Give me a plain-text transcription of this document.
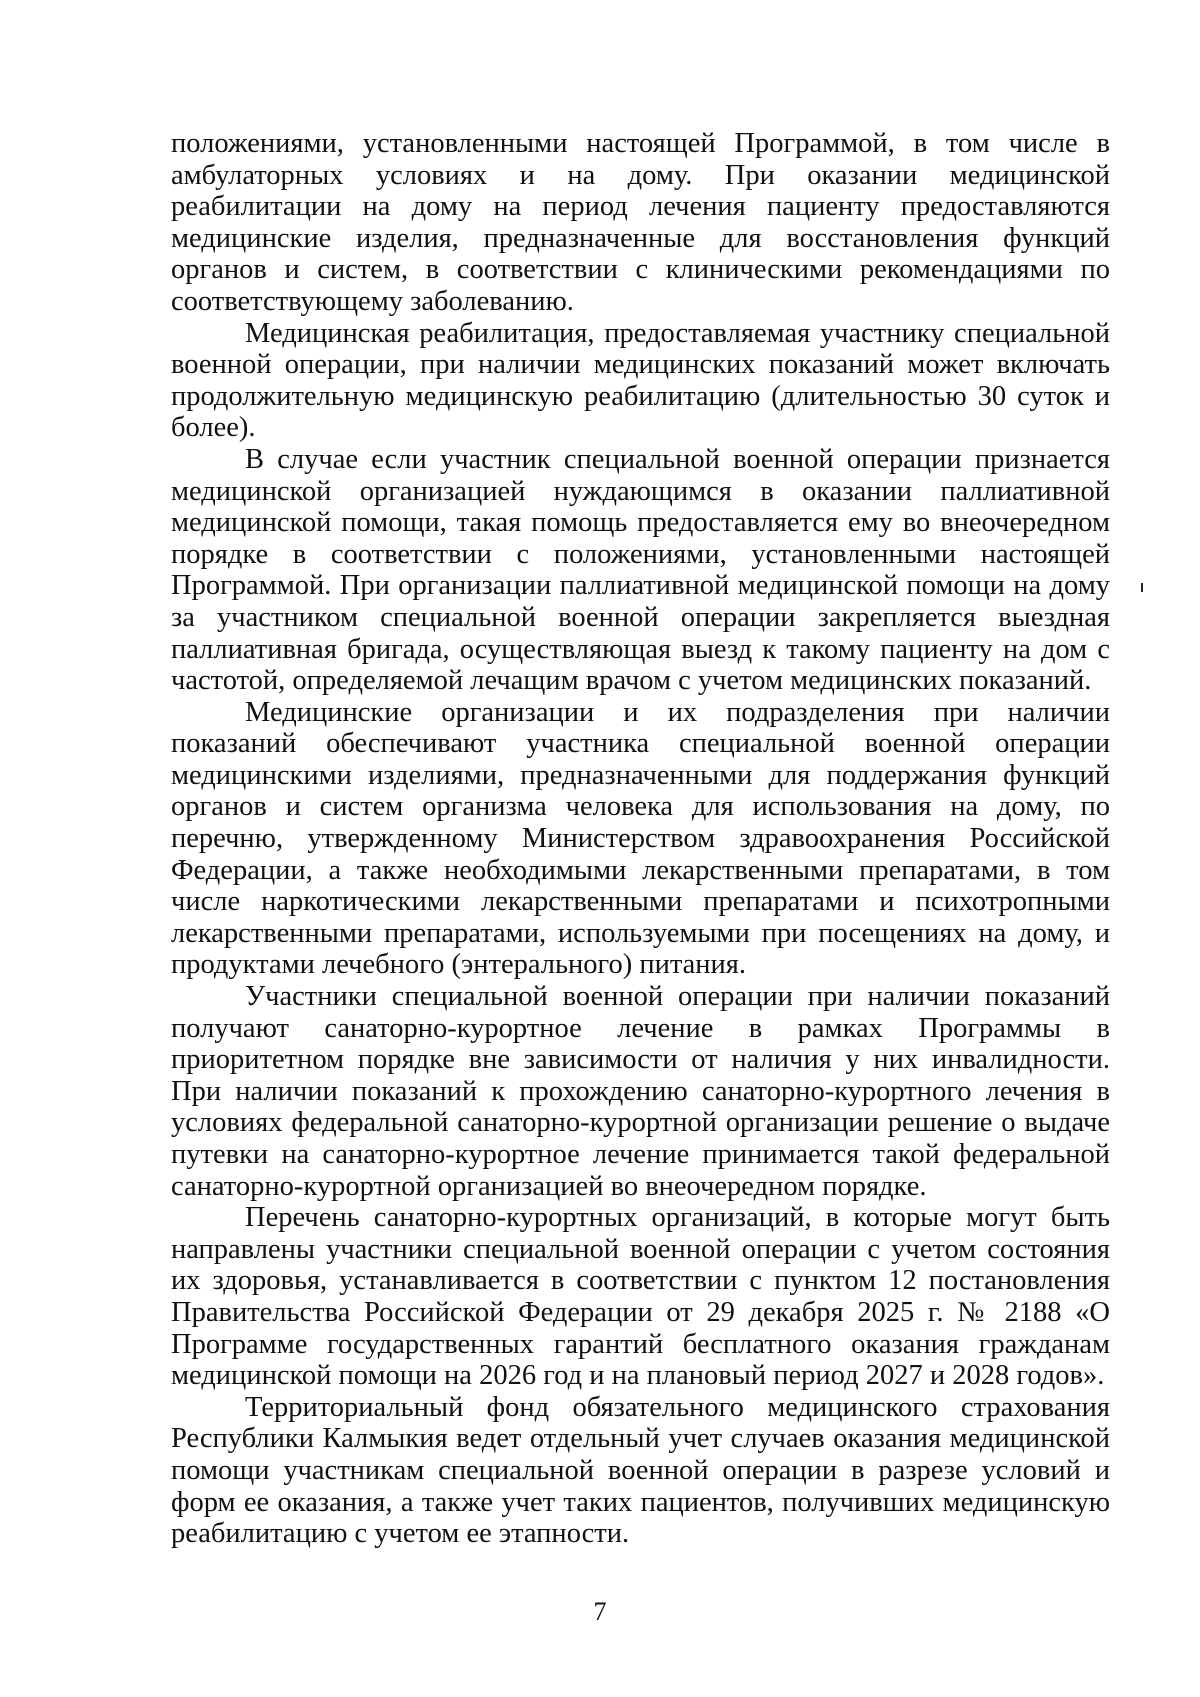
положениями, установленными настоящей Программой, в том числе в амбулаторных условиях и на дому. При оказании медицинской реабилитации на дому на период лечения пациенту предоставляются медицинские изделия, предназначенные для восстановления функций органов и систем, в соответствии с клиническими рекомендациями по соответствующему заболеванию.

Медицинская реабилитация, предоставляемая участнику специальной военной операции, при наличии медицинских показаний может включать продолжительную медицинскую реабилитацию (длительностью 30 суток и более).

В случае если участник специальной военной операции признается медицинской организацией нуждающимся в оказании паллиативной медицинской помощи, такая помощь предоставляется ему во внеочередном порядке в соответствии с положениями, установленными настоящей Программой. При организации паллиативной медицинской помощи на дому за участником специальной военной операции закрепляется выездная паллиативная бригада, осуществляющая выезд к такому пациенту на дом с частотой, определяемой лечащим врачом с учетом медицинских показаний.

Медицинские организации и их подразделения при наличии показаний обеспечивают участника специальной военной операции медицинскими изделиями, предназначенными для поддержания функций органов и систем организма человека для использования на дому, по перечню, утвержденному Министерством здравоохранения Российской Федерации, а также необходимыми лекарственными препаратами, в том числе наркотическими лекарственными препаратами и психотропными лекарственными препаратами, используемыми при посещениях на дому, и продуктами лечебного (энтерального) питания.

Участники специальной военной операции при наличии показаний получают санаторно-курортное лечение в рамках Программы в приоритетном порядке вне зависимости от наличия у них инвалидности. При наличии показаний к прохождению санаторно-курортного лечения в условиях федеральной санаторно-курортной организации решение о выдаче путевки на санаторно-курортное лечение принимается такой федеральной санаторно-курортной организацией во внеочередном порядке.

Перечень санаторно-курортных организаций, в которые могут быть направлены участники специальной военной операции с учетом состояния их здоровья, устанавливается в соответствии с пунктом 12 постановления Правительства Российской Федерации от 29 декабря 2025 г. № 2188 «О Программе государственных гарантий бесплатного оказания гражданам медицинской помощи на 2026 год и на плановый период 2027 и 2028 годов».

Территориальный фонд обязательного медицинского страхования Республики Калмыкия ведет отдельный учет случаев оказания медицинской помощи участникам специальной военной операции в разрезе условий и форм ее оказания, а также учет таких пациентов, получивших медицинскую реабилитацию с учетом ее этапности.

7
